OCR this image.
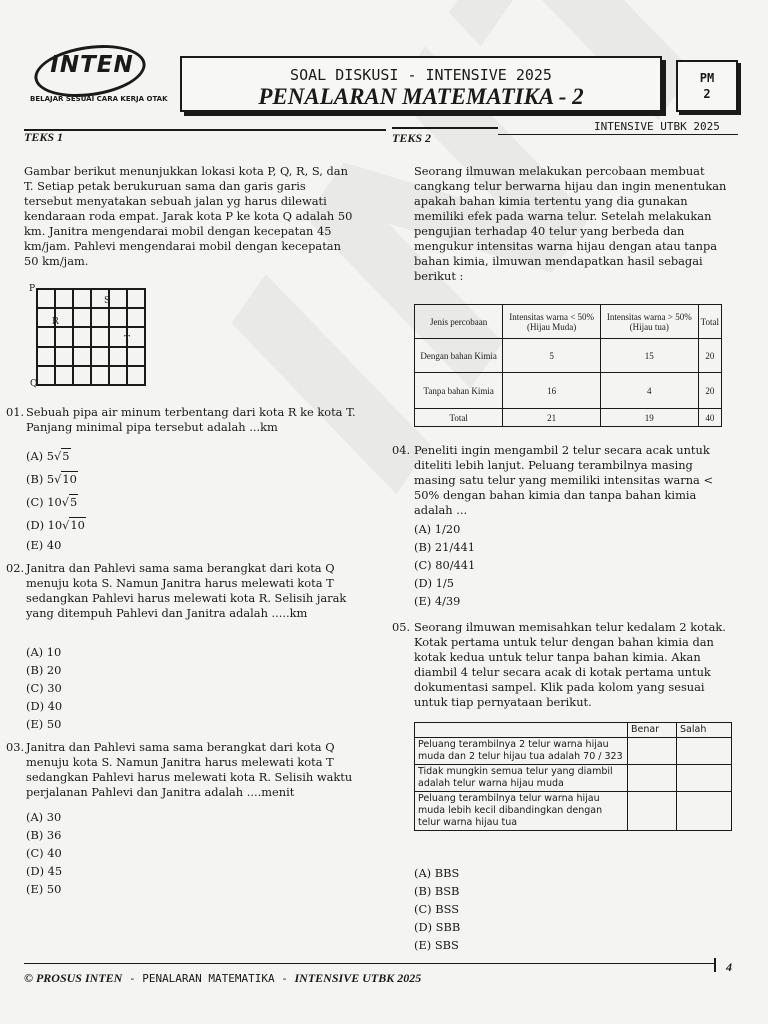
INTEN
BELAJAR SESUAI CARA KERJA OTAK
SOAL DISKUSI - INTENSIVE 2025
PENALARAN MATEMATIKA - 2
PM
2
INTENSIVE UTBK 2025
TEKS 1	TEKS 2
Gambar berikut menunjukkan lokasi kota P, Q, R, S, dan T. Setiap petak berukuruan sama dan garis garis tersebut menyatakan sebuah jalan yg harus dilewati kendaraan roda empat. Jarak kota P ke kota Q adalah 50 km. Janitra mengendarai mobil dengan kecepatan 45 km/jam. Pahlevi mengendarai mobil dengan kecepatan 50 km/jam.
P
Q
R
S
T
01. Sebuah pipa air minum terbentang dari kota R ke kota T. Panjang minimal pipa tersebut adalah ...km
(A) 5√5
(B) 5√10
(C) 10√5
(D) 10√10
(E) 40
02. Janitra dan Pahlevi sama sama berangkat dari kota Q menuju kota S. Namun Janitra harus melewati kota T sedangkan Pahlevi harus melewati kota R. Selisih jarak yang ditempuh Pahlevi dan Janitra adalah .....km
(A) 10
(B) 20
(C) 30
(D) 40
(E) 50
03. Janitra dan Pahlevi sama sama berangkat dari kota Q menuju kota S. Namun Janitra harus melewati kota T sedangkan Pahlevi harus melewati kota R. Selisih waktu perjalanan Pahlevi dan Janitra adalah ....menit
(A) 30
(B) 36
(C) 40
(D) 45
(E) 50
Seorang ilmuwan melakukan percobaan membuat cangkang telur berwarna hijau dan ingin menentukan apakah bahan kimia tertentu yang dia gunakan memiliki efek pada warna telur. Setelah melakukan pengujian terhadap 40 telur yang berbeda dan mengukur intensitas warna hijau dengan atau tanpa bahan kimia, ilmuwan mendapatkan hasil sebagai berikut :
Jenis percobaan	Intensitas warna < 50% (Hijau Muda)	Intensitas warna > 50% (Hijau tua)	Total
Dengan bahan Kimia	5	15	20
Tanpa bahan Kimia	16	4	20
Total	21	19	40
04. Peneliti ingin mengambil 2 telur secara acak untuk diteliti lebih lanjut. Peluang terambilnya masing masing satu telur yang memiliki intensitas warna < 50% dengan bahan kimia dan tanpa bahan kimia adalah ...
(A) 1/20
(B) 21/441
(C) 80/441
(D) 1/5
(E) 4/39
05. Seorang ilmuwan memisahkan telur kedalam 2 kotak. Kotak pertama untuk telur dengan bahan kimia dan kotak kedua untuk telur tanpa bahan kimia. Akan diambil 4 telur secara acak di kotak pertama untuk dokumentasi sampel. Klik pada kolom yang sesuai untuk tiap pernyataan berikut.
	Benar	Salah
Peluang terambilnya 2 telur warna hijau muda dan 2 telur hijau tua adalah 70 / 323		
Tidak mungkin semua telur yang diambil adalah telur warna hijau muda		
Peluang terambilnya telur warna hijau muda lebih kecil dibandingkan dengan telur warna hijau tua		
(A) BBS
(B) BSB
(C) BSS
(D) SBB
(E) SBS
© PROSUS INTEN - PENALARAN MATEMATIKA - INTENSIVE UTBK 2025
4
